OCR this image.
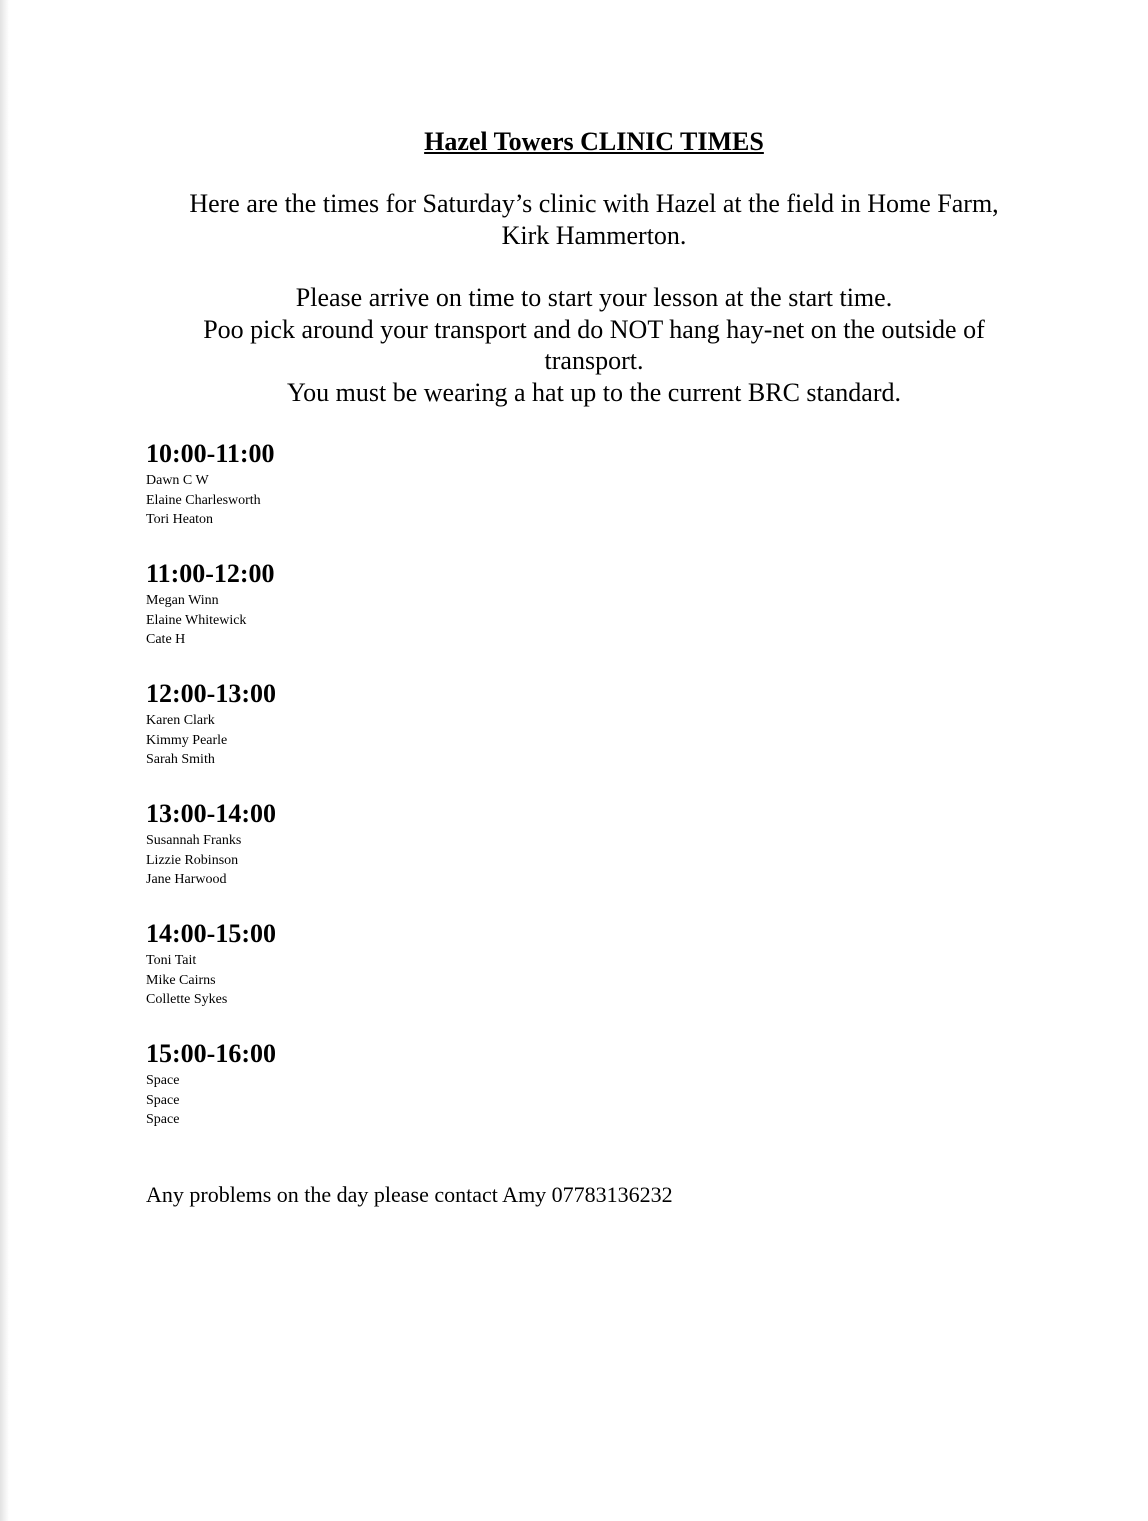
Hazel Towers CLINIC TIMES
Here are the times for Saturday’s clinic with Hazel at the field in Home Farm,
Kirk Hammerton.
Please arrive on time to start your lesson at the start time.
Poo pick around your transport and do NOT hang hay-net on the outside of
transport.
You must be wearing a hat up to the current BRC standard.
10:00-11:00
Dawn C W
Elaine Charlesworth
Tori Heaton
11:00-12:00
Megan Winn
Elaine Whitewick
Cate H
12:00-13:00
Karen Clark
Kimmy Pearle
Sarah Smith
13:00-14:00
Susannah Franks
Lizzie Robinson
Jane Harwood
14:00-15:00
Toni Tait
Mike Cairns
Collette Sykes
15:00-16:00
Space
Space
Space
Any problems on the day please contact Amy 07783136232
